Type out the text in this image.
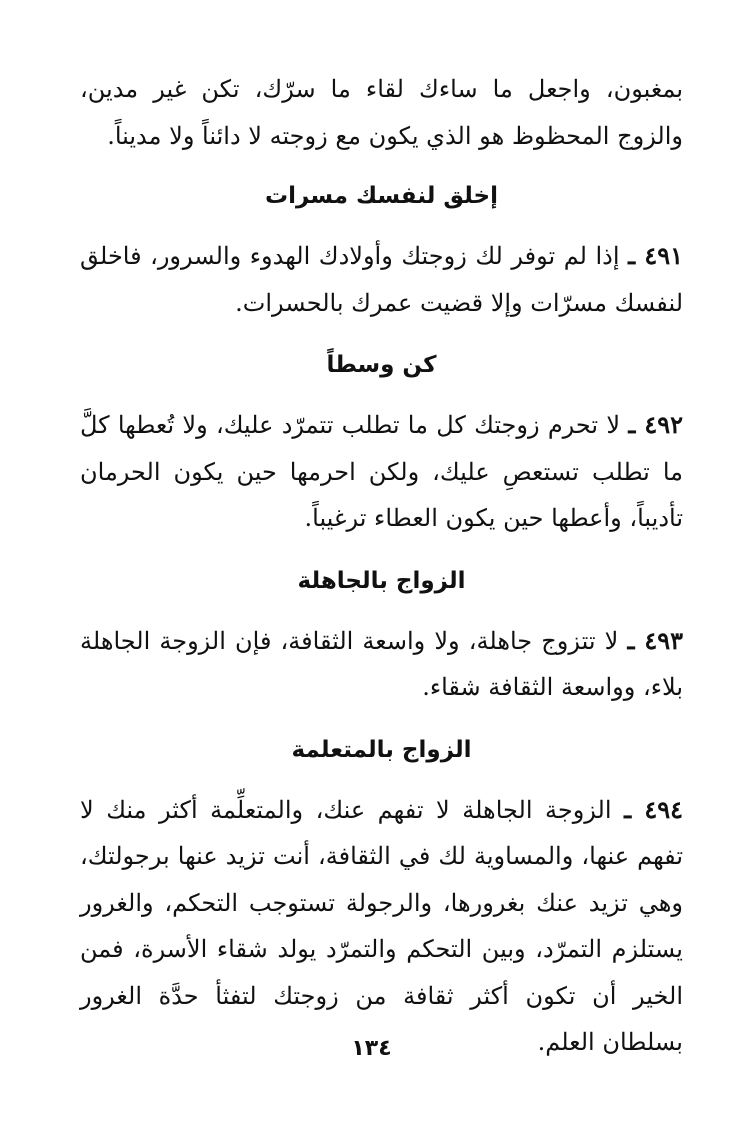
بمغبون، واجعل ما ساءك لقاء ما سرّك، تكن غير مدين، والزوج المحظوظ هو الذي يكون مع زوجته لا دائناً ولا مديناً.

إخلق لنفسك مسرات

٤٩١ ـ إذا لم توفر لك زوجتك وأولادك الهدوء والسرور، فاخلق لنفسك مسرّات وإلا قضيت عمرك بالحسرات.

كن وسطاً

٤٩٢ ـ لا تحرم زوجتك كل ما تطلب تتمرّد عليك، ولا تُعطها كلَّ ما تطلب تستعصِ عليك، ولكن احرمها حين يكون الحرمان تأديباً، وأعطها حين يكون العطاء ترغيباً.

الزواج بالجاهلة

٤٩٣ ـ لا تتزوج جاهلة، ولا واسعة الثقافة، فإن الزوجة الجاهلة بلاء، وواسعة الثقافة شقاء.

الزواج بالمتعلمة

٤٩٤ ـ الزوجة الجاهلة لا تفهم عنك، والمتعلِّمة أكثر منك لا تفهم عنها، والمساوية لك في الثقافة، أنت تزيد عنها برجولتك، وهي تزيد عنك بغرورها، والرجولة تستوجب التحكم، والغرور يستلزم التمرّد، وبين التحكم والتمرّد يولد شقاء الأسرة، فمن الخير أن تكون أكثر ثقافة من زوجتك لتفثأ حدَّة الغرور بسلطان العلم.

١٣٤
